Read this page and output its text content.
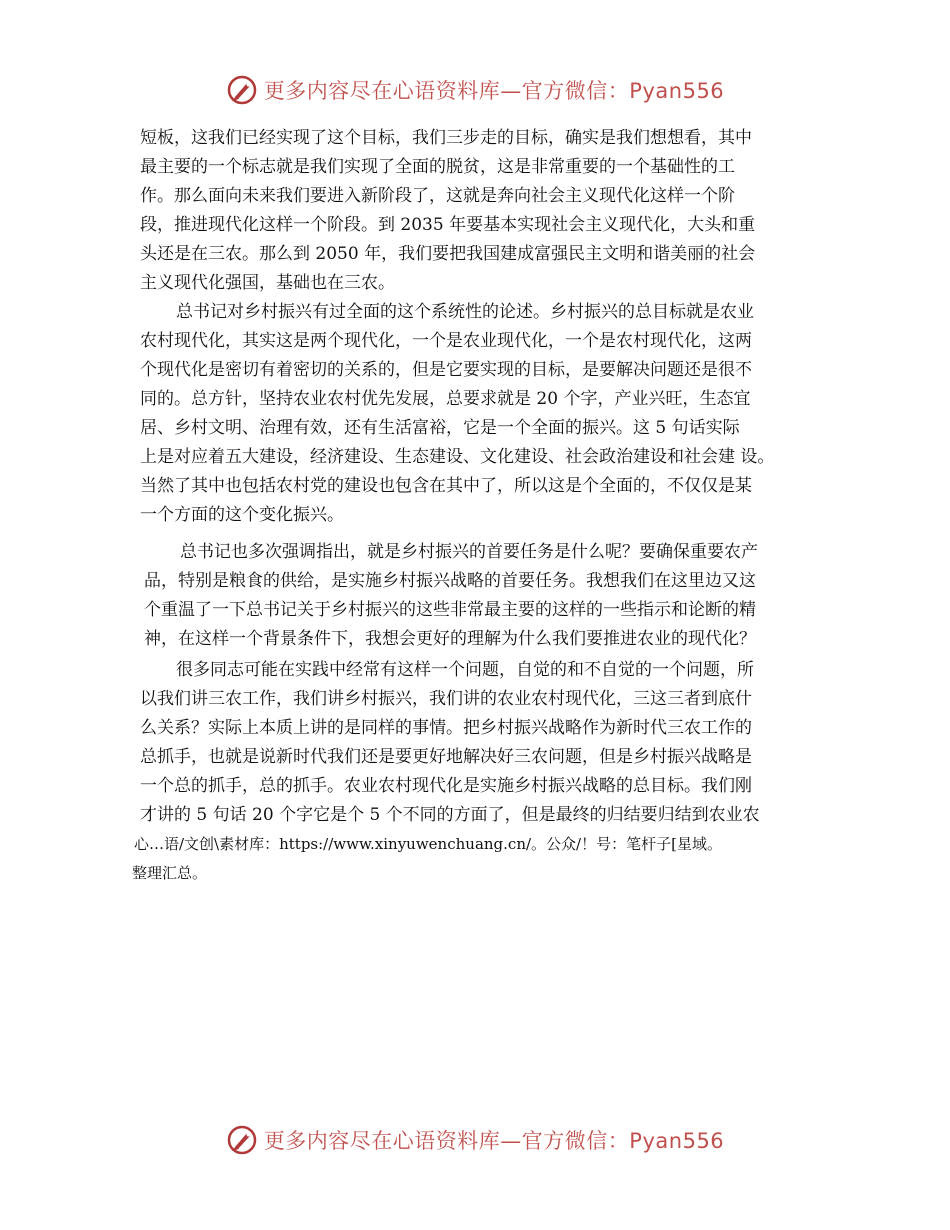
更多内容尽在心语资料库—官方微信：Pyan556

短板，这我们已经实现了这个目标，我们三步走的目标，确实是我们想想看，其中
最主要的一个标志就是我们实现了全面的脱贫，这是非常重要的一个基础性的工
作。那么面向未来我们要进入新阶段了，这就是奔向社会主义现代化这样一个阶
段，推进现代化这样一个阶段。到 2035 年要基本实现社会主义现代化，大头和重
头还是在三农。那么到 2050 年，我们要把我国建成富强民主文明和谐美丽的社会
主义现代化强国，基础也在三农。

总书记对乡村振兴有过全面的这个系统性的论述。乡村振兴的总目标就是农业
农村现代化，其实这是两个现代化，一个是农业现代化，一个是农村现代化，这两
个现代化是密切有着密切的关系的，但是它要实现的目标，是要解决问题还是很不
同的。总方针，坚持农业农村优先发展，总要求就是 20 个字，产业兴旺，生态宜
居、乡村文明、治理有效，还有生活富裕，它是一个全面的振兴。这 5 句话实际
上是对应着五大建设，经济建设、生态建设、文化建设、社会政治建设和社会建 设。
当然了其中也包括农村党的建设也包含在其中了，所以这是个全面的，不仅仅是某
一个方面的这个变化振兴。

总书记也多次强调指出，就是乡村振兴的首要任务是什么呢？要确保重要农产
品，特别是粮食的供给，是实施乡村振兴战略的首要任务。我想我们在这里边又这
个重温了一下总书记关于乡村振兴的这些非常最主要的这样的一些指示和论断的精
神，在这样一个背景条件下，我想会更好的理解为什么我们要推进农业的现代化？

很多同志可能在实践中经常有这样一个问题，自觉的和不自觉的一个问题，所
以我们讲三农工作，我们讲乡村振兴，我们讲的农业农村现代化，三这三者到底什
么关系？实际上本质上讲的是同样的事情。把乡村振兴战略作为新时代三农工作的
总抓手，也就是说新时代我们还是要更好地解决好三农问题，但是乡村振兴战略是
一个总的抓手，总的抓手。农业农村现代化是实施乡村振兴战略的总目标。我们刚
才讲的 5 句话 20 个字它是个 5 个不同的方面了，但是最终的归结要归结到农业农

心…语/文创\素材库：https://www.xinyuwenchuang.cn/。公众/！号：笔杆子[星域。

整理汇总。

更多内容尽在心语资料库—官方微信：Pyan556
